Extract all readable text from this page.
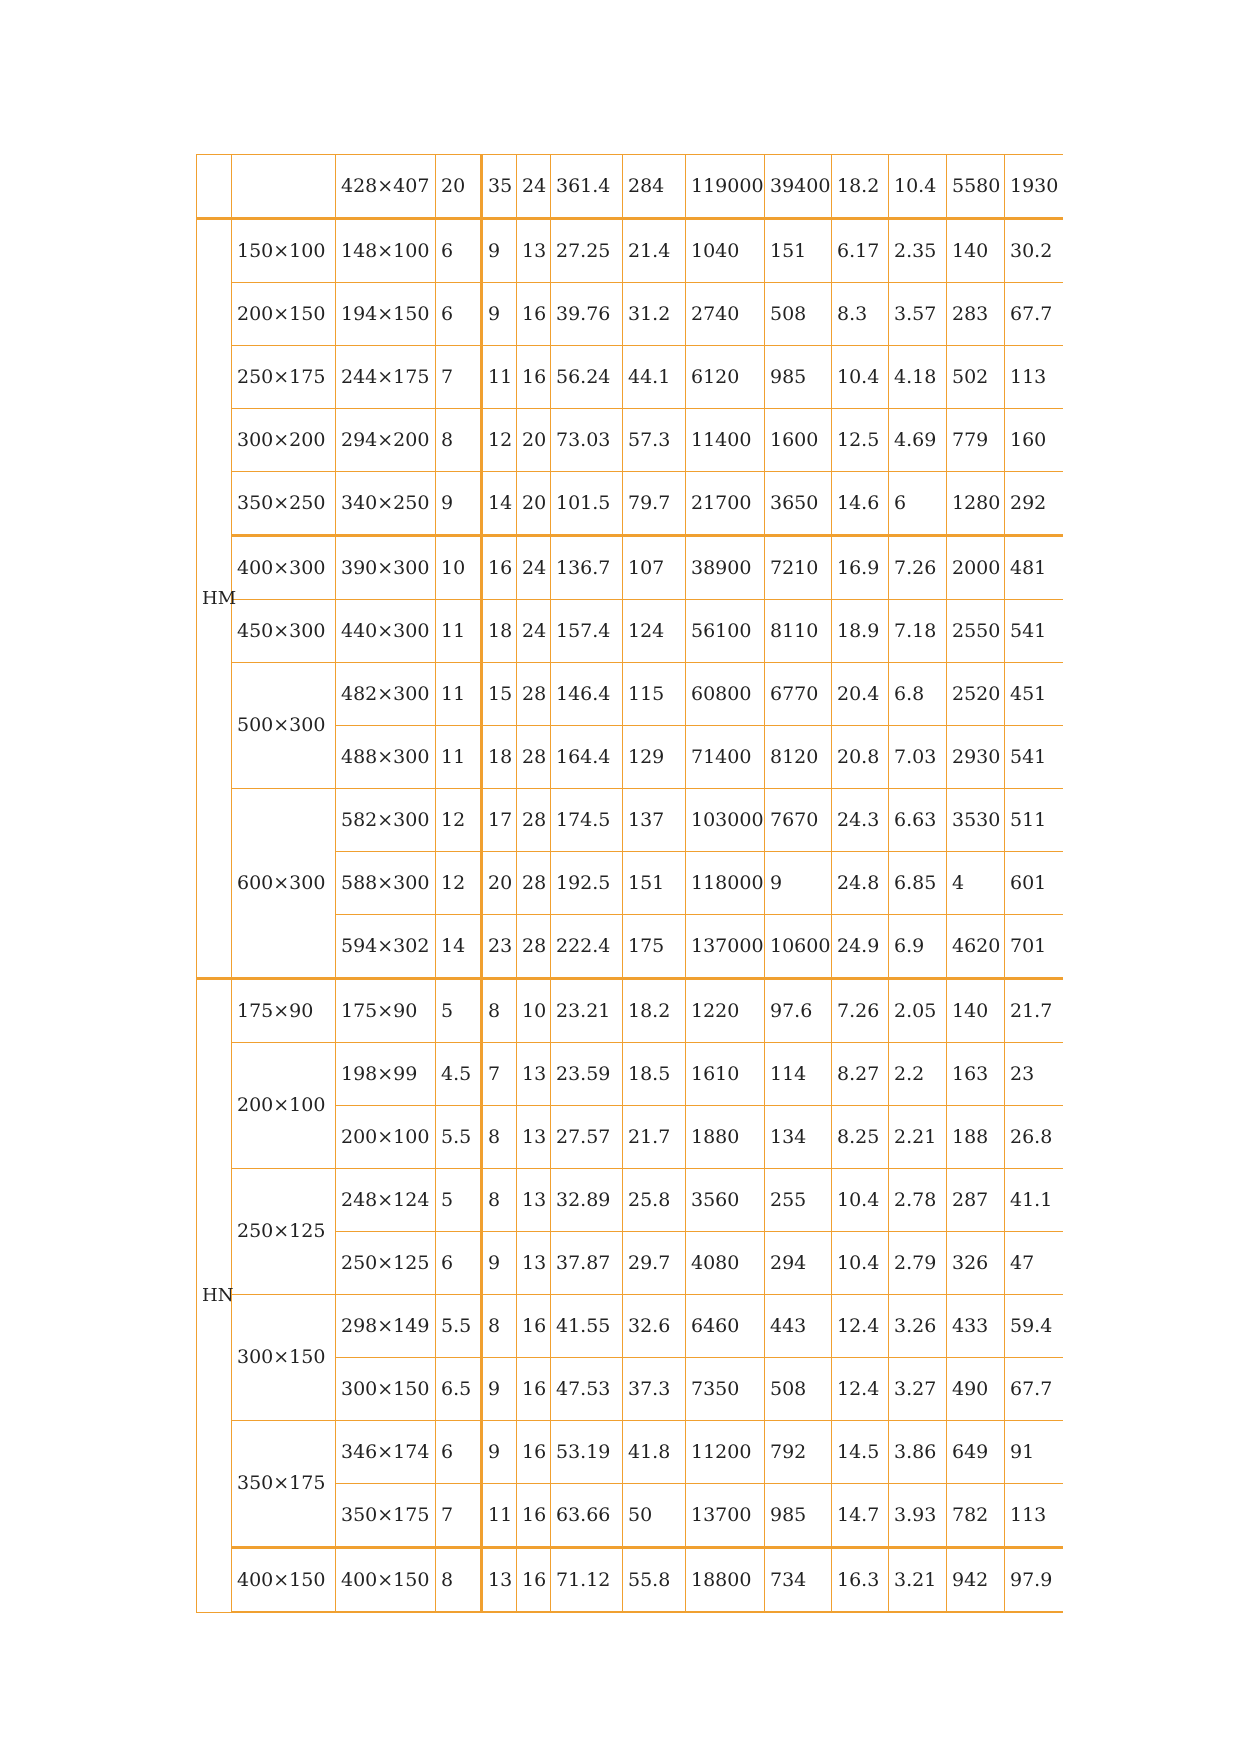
		428×407	20	35	24	361.4	284	119000	39400	18.2	10.4	5580	1930
HM	150×100	148×100	6	9	13	27.25	21.4	1040	151	6.17	2.35	140	30.2
	200×150	194×150	6	9	16	39.76	31.2	2740	508	8.3	3.57	283	67.7
	250×175	244×175	7	11	16	56.24	44.1	6120	985	10.4	4.18	502	113
	300×200	294×200	8	12	20	73.03	57.3	11400	1600	12.5	4.69	779	160
	350×250	340×250	9	14	20	101.5	79.7	21700	3650	14.6	6	1280	292
	400×300	390×300	10	16	24	136.7	107	38900	7210	16.9	7.26	2000	481
	450×300	440×300	11	18	24	157.4	124	56100	8110	18.9	7.18	2550	541
	500×300	482×300	11	15	28	146.4	115	60800	6770	20.4	6.8	2520	451
		488×300	11	18	28	164.4	129	71400	8120	20.8	7.03	2930	541
	600×300	582×300	12	17	28	174.5	137	103000	7670	24.3	6.63	3530	511
		588×300	12	20	28	192.5	151	118000	9	24.8	6.85	4	601
		594×302	14	23	28	222.4	175	137000	10600	24.9	6.9	4620	701
HN	175×90	175×90	5	8	10	23.21	18.2	1220	97.6	7.26	2.05	140	21.7
	200×100	198×99	4.5	7	13	23.59	18.5	1610	114	8.27	2.2	163	23
		200×100	5.5	8	13	27.57	21.7	1880	134	8.25	2.21	188	26.8
	250×125	248×124	5	8	13	32.89	25.8	3560	255	10.4	2.78	287	41.1
		250×125	6	9	13	37.87	29.7	4080	294	10.4	2.79	326	47
	300×150	298×149	5.5	8	16	41.55	32.6	6460	443	12.4	3.26	433	59.4
		300×150	6.5	9	16	47.53	37.3	7350	508	12.4	3.27	490	67.7
	350×175	346×174	6	9	16	53.19	41.8	11200	792	14.5	3.86	649	91
		350×175	7	11	16	63.66	50	13700	985	14.7	3.93	782	113
	400×150	400×150	8	13	16	71.12	55.8	18800	734	16.3	3.21	942	97.9
